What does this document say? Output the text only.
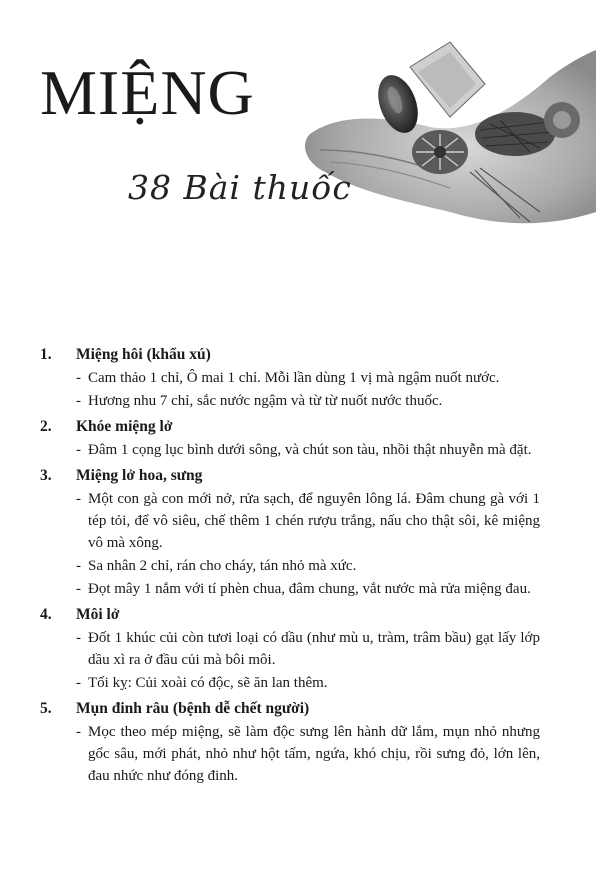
MIỆNG
38 Bài thuốc
1.	Miệng hôi (khẩu xú)
- Cam thảo 1 chỉ, Ô mai 1 chỉ. Mỗi lần dùng 1 vị mà ngậm nuốt nước.
- Hương nhu 7 chỉ, sắc nước ngậm và từ từ nuốt nước thuốc.
2.	Khóe miệng lở
- Đâm 1 cọng lục bình dưới sông, và chút son tàu, nhồi thật nhuyễn mà đặt.
3.	Miệng lở hoa, sưng
- Một con gà con mới nở, rửa sạch, để nguyên lông lá. Đâm chung gà với 1 tép tỏi, để vô siêu, chế thêm 1 chén rượu trắng, nấu cho thật sôi, kê miệng vô mà xông.
- Sa nhân 2 chỉ, rán cho cháy, tán nhỏ mà xức.
- Đọt mây 1 nắm với tí phèn chua, đâm chung, vắt nước mà rửa miệng đau.
4.	Môi lở
- Đốt 1 khúc củi còn tươi loại có dầu (như mù u, tràm, trâm bầu) gạt lấy lớp dầu xì ra ở đầu củi mà bôi môi.
- Tối kỵ: Củi xoài có độc, sẽ ăn lan thêm.
5.	Mụn đinh râu (bệnh dễ chết người)
- Mọc theo mép miệng, sẽ làm độc sưng lên hành dữ lắm, mụn nhỏ nhưng gốc sâu, mới phát, nhỏ như hột tấm, ngứa, khó chịu, rồi sưng đỏ, lớn lên, đau nhức như đóng đinh.
